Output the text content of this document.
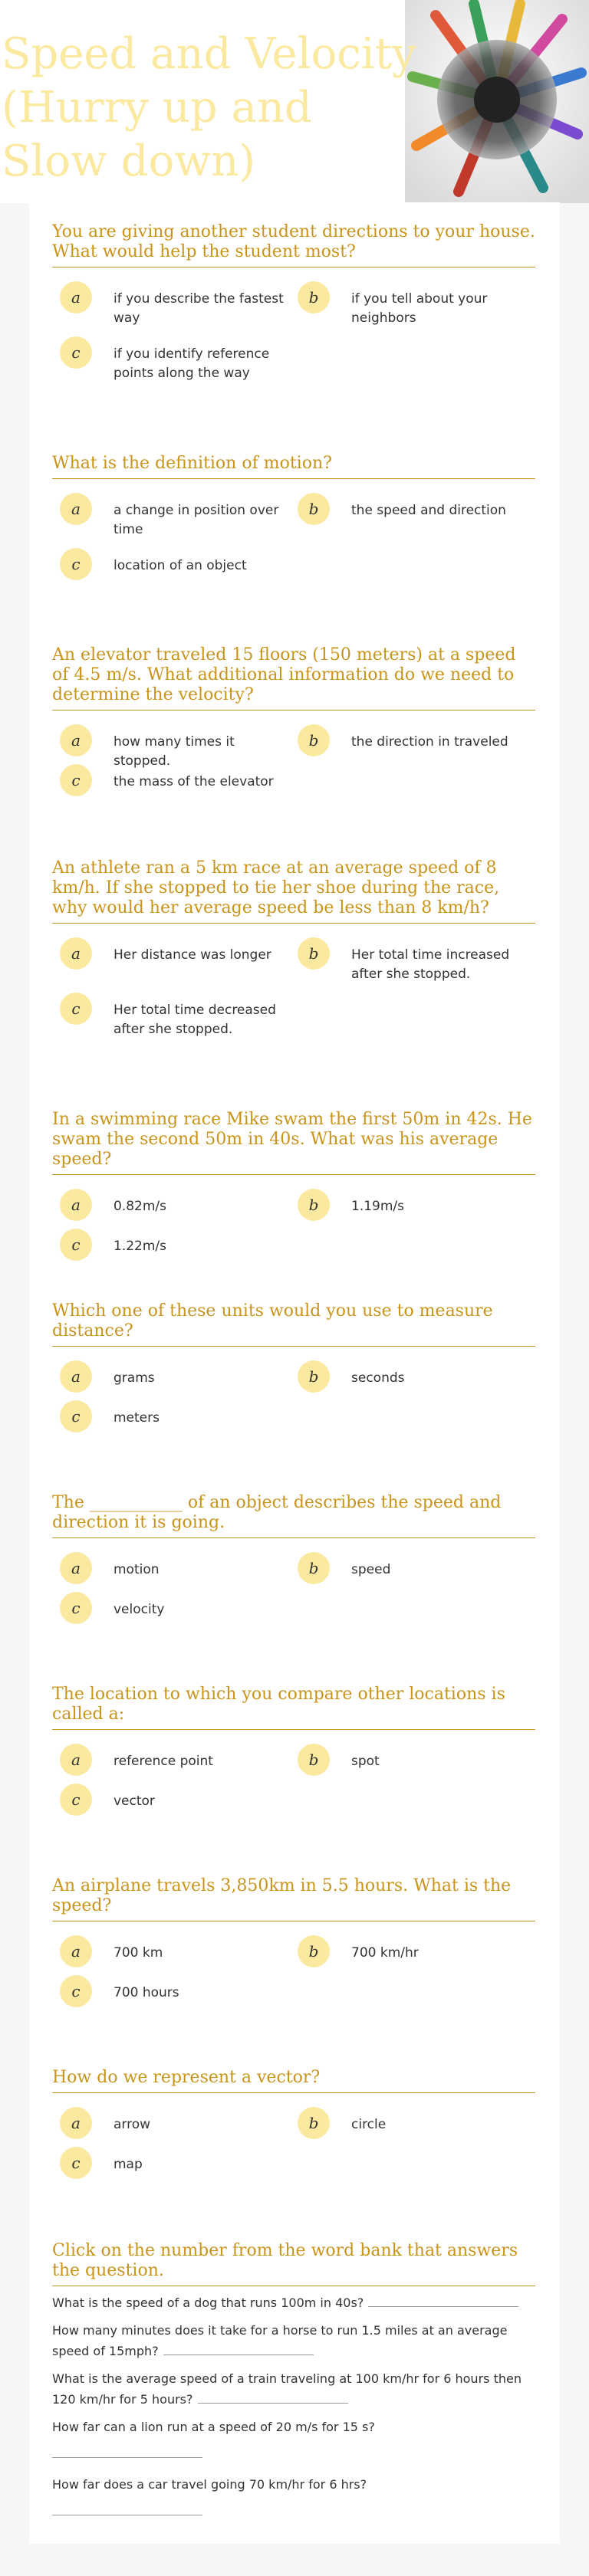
Speed and Velocity (Hurry up and Slow down)

You are giving another student directions to your house. What would help the student most?

a	if you describe the fastest way
b	if you tell about your neighbors
c	if you identify reference points along the way

What is the definition of motion?

a	a change in position over time
b	the speed and direction
c	location of an object

An elevator traveled 15 floors (150 meters) at a speed of 4.5 m/s. What additional information do we need to determine the velocity?

a	how many times it stopped.
b	the direction in traveled
c	the mass of the elevator

An athlete ran a 5 km race at an average speed of 8 km/h. If she stopped to tie her shoe during the race, why would her average speed be less than 8 km/h?

a	Her distance was longer	b	Her total time increased after she stopped.
c	Her total time decreased after she stopped.

In a swimming race Mike swam the first 50m in 42s. He swam the second 50m in 40s. What was his average speed?

a	0.82m/s	b	1.19m/s
c	1.22m/s

Which one of these units would you use to measure distance?

a	grams	b	seconds
c	meters

The ___________ of an object describes the speed and direction it is going.

a	motion	b	speed
c	velocity

The location to which you compare other locations is called a:

a	reference point	b	spot
c	vector

An airplane travels 3,850km in 5.5 hours. What is the speed?

a	700 km	b	700 km/hr
c	700 hours

How do we represent a vector?

a	arrow	b	circle
c	map

Click on the number from the word bank that answers the question.

What is the speed of a dog that runs 100m in 40s?
How many minutes does it take for a horse to run 1.5 miles at an average speed of 15mph?
What is the average speed of a train traveling at 100 km/hr for 6 hours then 120 km/hr for 5 hours?
How far can a lion run at a speed of 20 m/s for 15 s?
How far does a car travel going 70 km/hr for 6 hrs?
